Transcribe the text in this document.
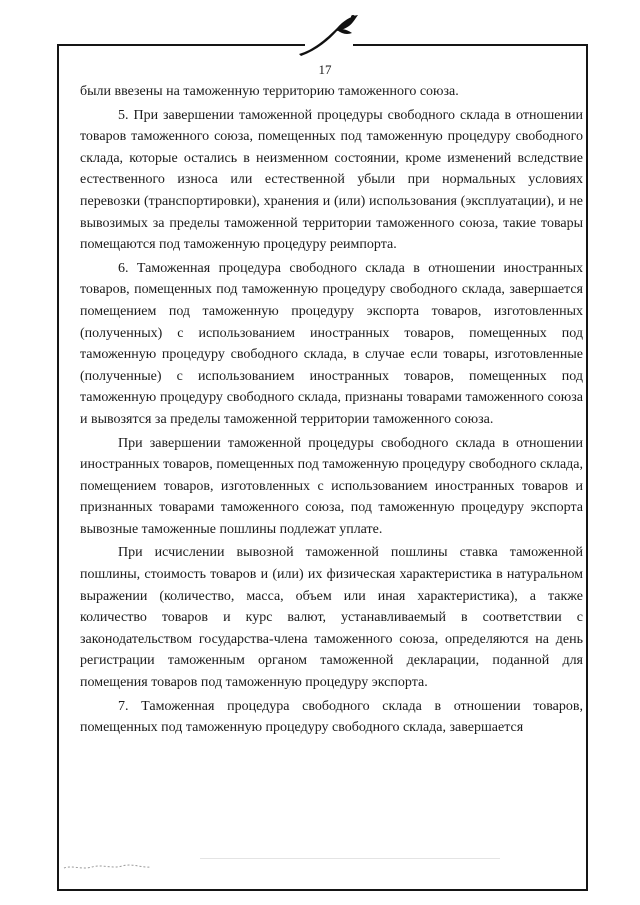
17

были ввезены на таможенную территорию таможенного союза.

5. При завершении таможенной процедуры свободного склада в отношении товаров таможенного союза, помещенных под таможенную процедуру свободного склада, которые остались в неизменном состоянии, кроме изменений вследствие естественного износа или естественной убыли при нормальных условиях перевозки (транспортировки), хранения и (или) использования (эксплуатации), и не вывозимых за пределы таможенной территории таможенного союза, такие товары помещаются под таможенную процедуру реимпорта.

6. Таможенная процедура свободного склада в отношении иностранных товаров, помещенных под таможенную процедуру свободного склада, завершается помещением под таможенную процедуру экспорта товаров, изготовленных (полученных) с использованием иностранных товаров, помещенных под таможенную процедуру свободного склада, в случае если товары, изготовленные (полученные) с использованием иностранных товаров, помещенных под таможенную процедуру свободного склада, признаны товарами таможенного союза и вывозятся за пределы таможенной территории таможенного союза.

При завершении таможенной процедуры свободного склада в отношении иностранных товаров, помещенных под таможенную процедуру свободного склада, помещением товаров, изготовленных с использованием иностранных товаров и признанных товарами таможенного союза, под таможенную процедуру экспорта вывозные таможенные пошлины подлежат уплате.

При исчислении вывозной таможенной пошлины ставка таможенной пошлины, стоимость товаров и (или) их физическая характеристика в натуральном выражении (количество, масса, объем или иная характеристика), а также количество товаров и курс валют, устанавливаемый в соответствии с законодательством государства-члена таможенного союза, определяются на день регистрации таможенным органом таможенной декларации, поданной для помещения товаров под таможенную процедуру экспорта.

7. Таможенная процедура свободного склада в отношении товаров, помещенных под таможенную процедуру свободного склада, завершается
